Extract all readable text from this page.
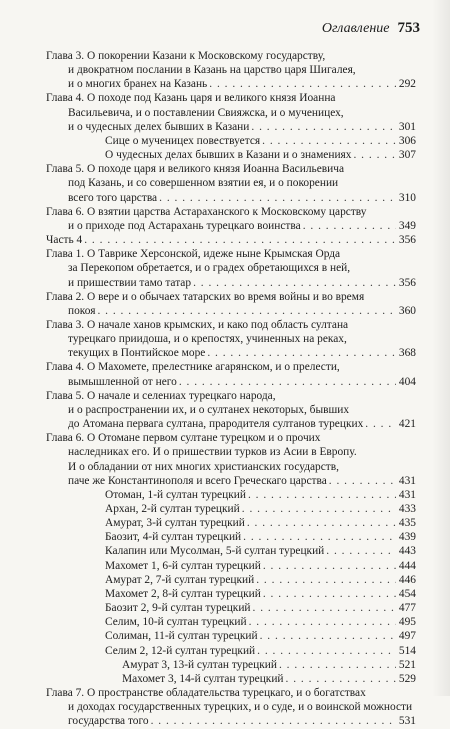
Оглавление 753
Глава 3. О покорении Казани к Московскому государству,
и двократном послании в Казань на царство царя Шигалея,
и о многих бранех на Казань . . .	292
Глава 4. О походе под Казань царя и великого князя Иоанна
Васильевича, и о поставлении Свияжска, и о мученицех,
и о чудесных делех бывших в Казани . . .	301
Сице о мученицех повествуется . . .	306
О чудесных делах бывших в Казани и о знамениях . . .	307
Глава 5. О походе царя и великого князя Иоанна Васильевича
под Казань, и со совершенном взятии ея, и о покорении
всего того царства . . .	310
Глава 6. О взятии царства Астараханского к Московскому царству
и о приходе под Астарахань турецкаго воинства . . .	349
Часть 4 . . .	356
Глава 1. О Таврике Херсонской, идеже ныне Крымская Орда
за Перекопом обретается, и о градех обретающихся в ней,
и пришествии тамо татар . . .	356
Глава 2. О вере и о обычаех татарских во время войны и во время
покоя . . .	360
Глава 3. О начале ханов крымских, и како под область султана
турецкаго приидоша, и о крепостях, учиненных на реках,
текущих в Понтийское море . . .	368
Глава 4. О Махомете, прелестнике агарянском, и о прелести,
вымышленной от него . . .	404
Глава 5. О начале и селениах турецкаго народа,
и о распространении их, и о султанех некоторых, бывших
до Атомана первага султана, прародителя султанов турецких . . .	421
Глава 6. О Отомане первом султане турецком и о прочих
наследниках его. И о пришествии турков из Асии в Европу.
И о обладании от них многих христианских государств,
паче же Константинополя и всего Греческаго царства . . .	431
Отоман, 1-й султан турецкий . . .	431
Архан, 2-й султан турецкий . . .	433
Амурат, 3-й султан турецкий . . .	435
Баозит, 4-й султан турецкий . . .	439
Калапин или Мусолман, 5-й султан турецкий . . .	443
Махомет 1, 6-й султан турецкий . . .	444
Амурат 2, 7-й султан турецкий . . .	446
Махомет 2, 8-й султан турецкий . . .	454
Баозит 2, 9-й султан турецкий . . .	477
Селим, 10-й султан турецкий . . .	495
Солиман, 11-й султан турецкий . . .	497
Селим 2, 12-й султан турецкий . . .	514
Амурат 3, 13-й султан турецкий . . .	521
Махомет 3, 14-й султан турецкий . . .	529
Глава 7. О пространстве обладательства турецкаго, и о богатствах
и доходах государственных турецких, и о суде, и о воинской можности
государства того . . .	531
